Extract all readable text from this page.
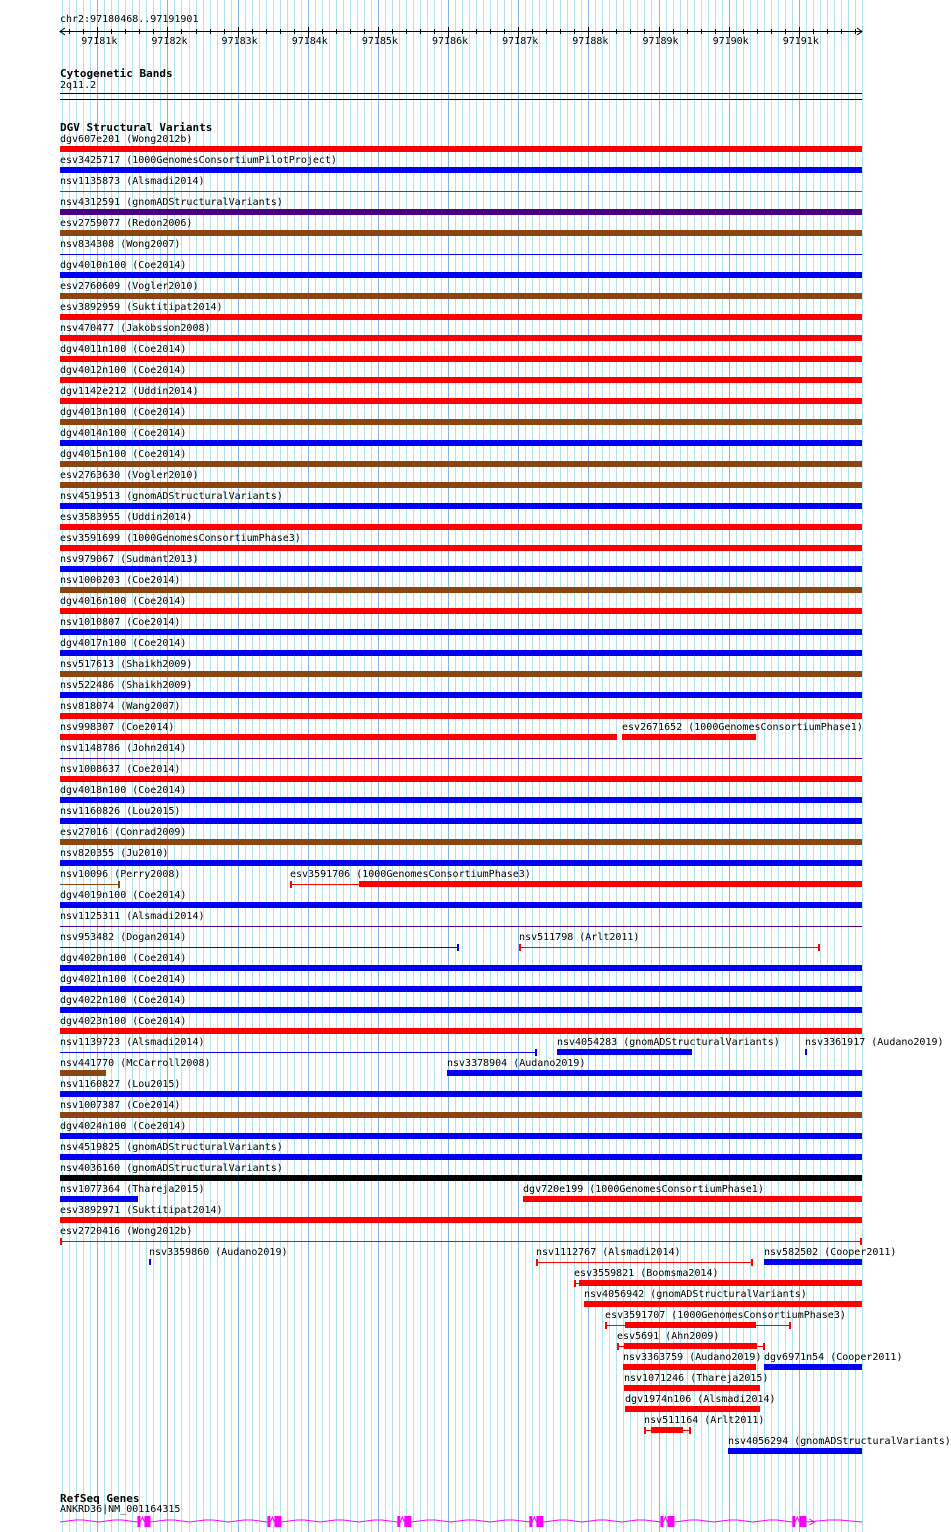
chr2:97180468..97191901
97181k	97182k	97183k	97184k	97185k	97186k	97187k	97188k	97189k	97190k	97191k
Cytogenetic Bands
2q11.2
DGV Structural Variants
dgv607e201 (Wong2012b)
esv3425717 (1000GenomesConsortiumPilotProject)
nsv1135873 (Alsmadi2014)
nsv4312591 (gnomADStructuralVariants)
esv2759077 (Redon2006)
nsv834308 (Wong2007)
dgv4010n100 (Coe2014)
esv2760609 (Vogler2010)
esv3892959 (Suktitipat2014)
nsv470477 (Jakobsson2008)
dgv4011n100 (Coe2014)
dgv4012n100 (Coe2014)
dgv1142e212 (Uddin2014)
dgv4013n100 (Coe2014)
dgv4014n100 (Coe2014)
dgv4015n100 (Coe2014)
esv2763630 (Vogler2010)
nsv4519513 (gnomADStructuralVariants)
esv3583955 (Uddin2014)
esv3591699 (1000GenomesConsortiumPhase3)
nsv979067 (Sudmant2013)
nsv1000203 (Coe2014)
dgv4016n100 (Coe2014)
nsv1010807 (Coe2014)
dgv4017n100 (Coe2014)
nsv517613 (Shaikh2009)
nsv522486 (Shaikh2009)
nsv818074 (Wang2007)
nsv998307 (Coe2014)	esv2671652 (1000GenomesConsortiumPhase1)
nsv1148786 (John2014)
nsv1008637 (Coe2014)
dgv4018n100 (Coe2014)
nsv1160826 (Lou2015)
esv27016 (Conrad2009)
nsv820355 (Ju2010)
nsv10096 (Perry2008)	esv3591706 (1000GenomesConsortiumPhase3)
dgv4019n100 (Coe2014)
nsv1125311 (Alsmadi2014)
nsv953482 (Dogan2014)	nsv511798 (Arlt2011)
dgv4020n100 (Coe2014)
dgv4021n100 (Coe2014)
dgv4022n100 (Coe2014)
dgv4023n100 (Coe2014)
nsv1139723 (Alsmadi2014)	nsv4054283 (gnomADStructuralVariants)	nsv3361917 (Audano2019)
nsv441770 (McCarroll2008)	nsv3378904 (Audano2019)
nsv1160827 (Lou2015)
nsv1007387 (Coe2014)
dgv4024n100 (Coe2014)
nsv4519825 (gnomADStructuralVariants)
nsv4036160 (gnomADStructuralVariants)
nsv1077364 (Thareja2015)	dgv720e199 (1000GenomesConsortiumPhase1)
esv3892971 (Suktitipat2014)
esv2720416 (Wong2012b)
nsv3359860 (Audano2019)	nsv1112767 (Alsmadi2014)	nsv582502 (Cooper2011)
esv3559821 (Boomsma2014)
nsv4056942 (gnomADStructuralVariants)
esv3591707 (1000GenomesConsortiumPhase3)
esv5691 (Ahn2009)
nsv3363759 (Audano2019) dgv6971n54 (Cooper2011)
nsv1071246 (Thareja2015)
dgv1974n106 (Alsmadi2014)
nsv511164 (Arlt2011)
nsv4056294 (gnomADStructuralVariants)
RefSeq Genes
ANKRD36|NM_001164315
